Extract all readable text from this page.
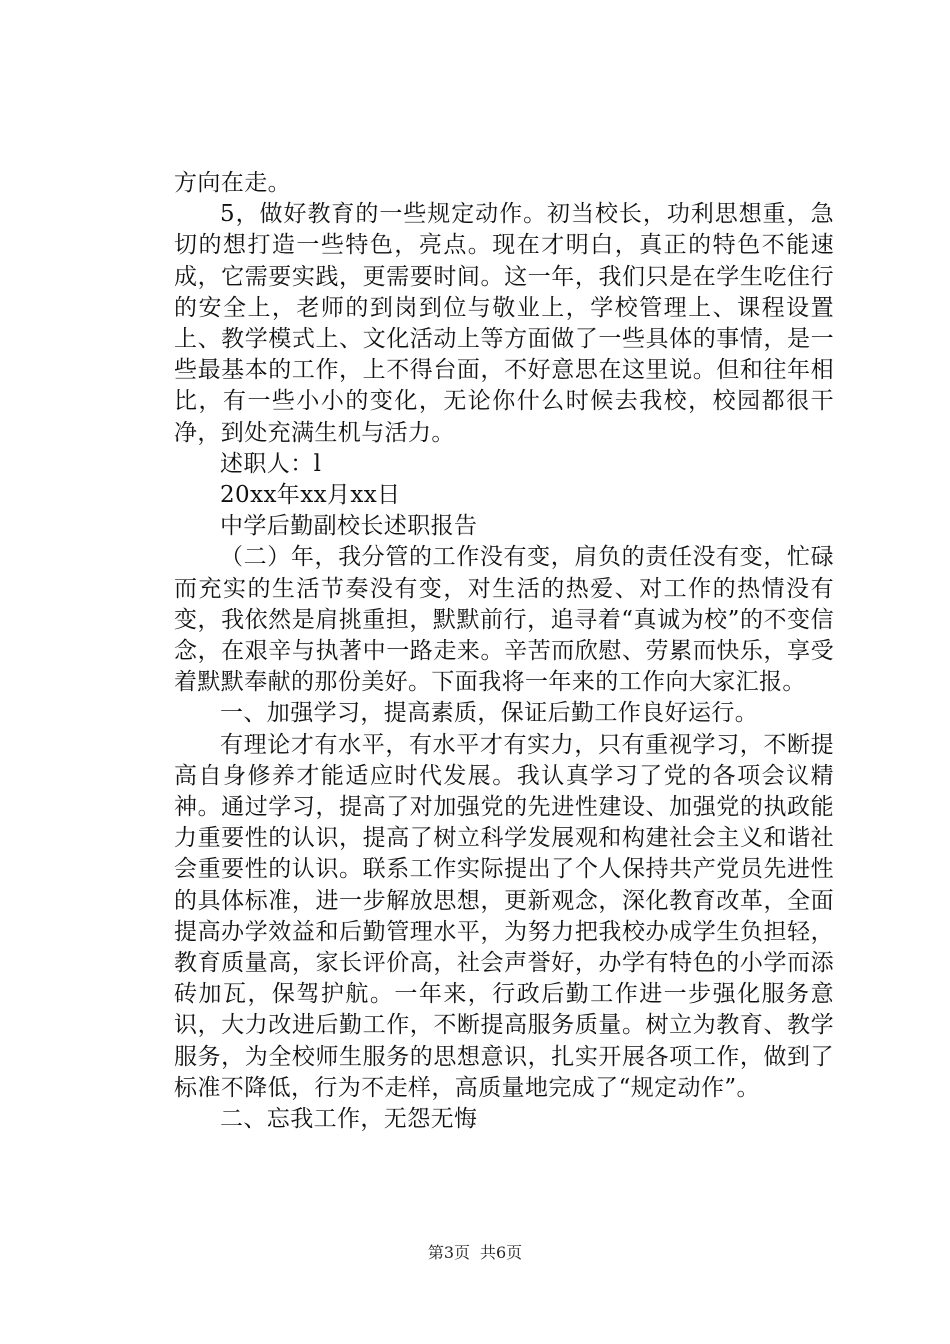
方向在走。

5，做好教育的一些规定动作。初当校长，功利思想重，急切的想打造一些特色，亮点。现在才明白，真正的特色不能速成，它需要实践，更需要时间。这一年，我们只是在学生吃住行的安全上，老师的到岗到位与敬业上，学校管理上、课程设置上、教学模式上、文化活动上等方面做了一些具体的事情，是一些最基本的工作，上不得台面，不好意思在这里说。但和往年相比，有一些小小的变化，无论你什么时候去我校，校园都很干净，到处充满生机与活力。

述职人：l

20xx年xx月xx日

中学后勤副校长述职报告

（二）年，我分管的工作没有变，肩负的责任没有变，忙碌而充实的生活节奏没有变，对生活的热爱、对工作的热情没有变，我依然是肩挑重担，默默前行，追寻着“真诚为校”的不变信念，在艰辛与执著中一路走来。辛苦而欣慰、劳累而快乐，享受着默默奉献的那份美好。下面我将一年来的工作向大家汇报。

一、加强学习，提高素质，保证后勤工作良好运行。

有理论才有水平，有水平才有实力，只有重视学习，不断提高自身修养才能适应时代发展。我认真学习了党的各项会议精神。通过学习，提高了对加强党的先进性建设、加强党的执政能力重要性的认识，提高了树立科学发展观和构建社会主义和谐社会重要性的认识。联系工作实际提出了个人保持共产党员先进性的具体标准，进一步解放思想，更新观念，深化教育改革，全面提高办学效益和后勤管理水平，为努力把我校办成学生负担轻，教育质量高，家长评价高，社会声誉好，办学有特色的小学而添砖加瓦，保驾护航。一年来，行政后勤工作进一步强化服务意识，大力改进后勤工作，不断提高服务质量。树立为教育、教学服务，为全校师生服务的思想意识，扎实开展各项工作，做到了标准不降低，行为不走样，高质量地完成了“规定动作”。

二、忘我工作，无怨无悔

第3页 共6页
